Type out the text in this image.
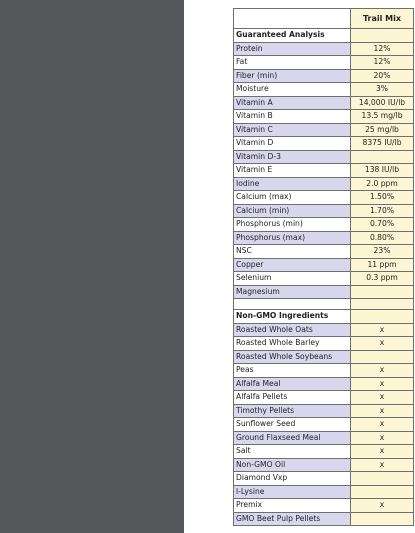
	Trail Mix
Guaranteed Analysis	
Protein	12%
Fat	12%
Fiber (min)	20%
Moisture	3%
Vitamin A	14,000 IU/lb
Vitamin B	13.5 mg/lb
Vitamin C	25 mg/lb
Vitamin D	8375 IU/lb
Vitamin D-3	
Vitamin E	138 IU/lb
Iodine	2.0 ppm
Calcium (max)	1.50%
Calcium (min)	1.70%
Phosphorus (min)	0.70%
Phosphorus (max)	0.80%
NSC	23%
Copper	11 ppm
Selenium	0.3 ppm
Magnesium	

Non-GMO Ingredients	
Roasted Whole Oats	x
Roasted Whole Barley	x
Roasted Whole Soybeans	
Peas	x
Alfalfa Meal	x
Alfalfa Pellets	x
Timothy Pellets	x
Sunflower Seed	x
Ground Flaxseed Meal	x
Salt	x
Non-GMO Oil	x
Diamond Vxp	
l-Lysine	
Premix	x
GMO Beet Pulp Pellets	
